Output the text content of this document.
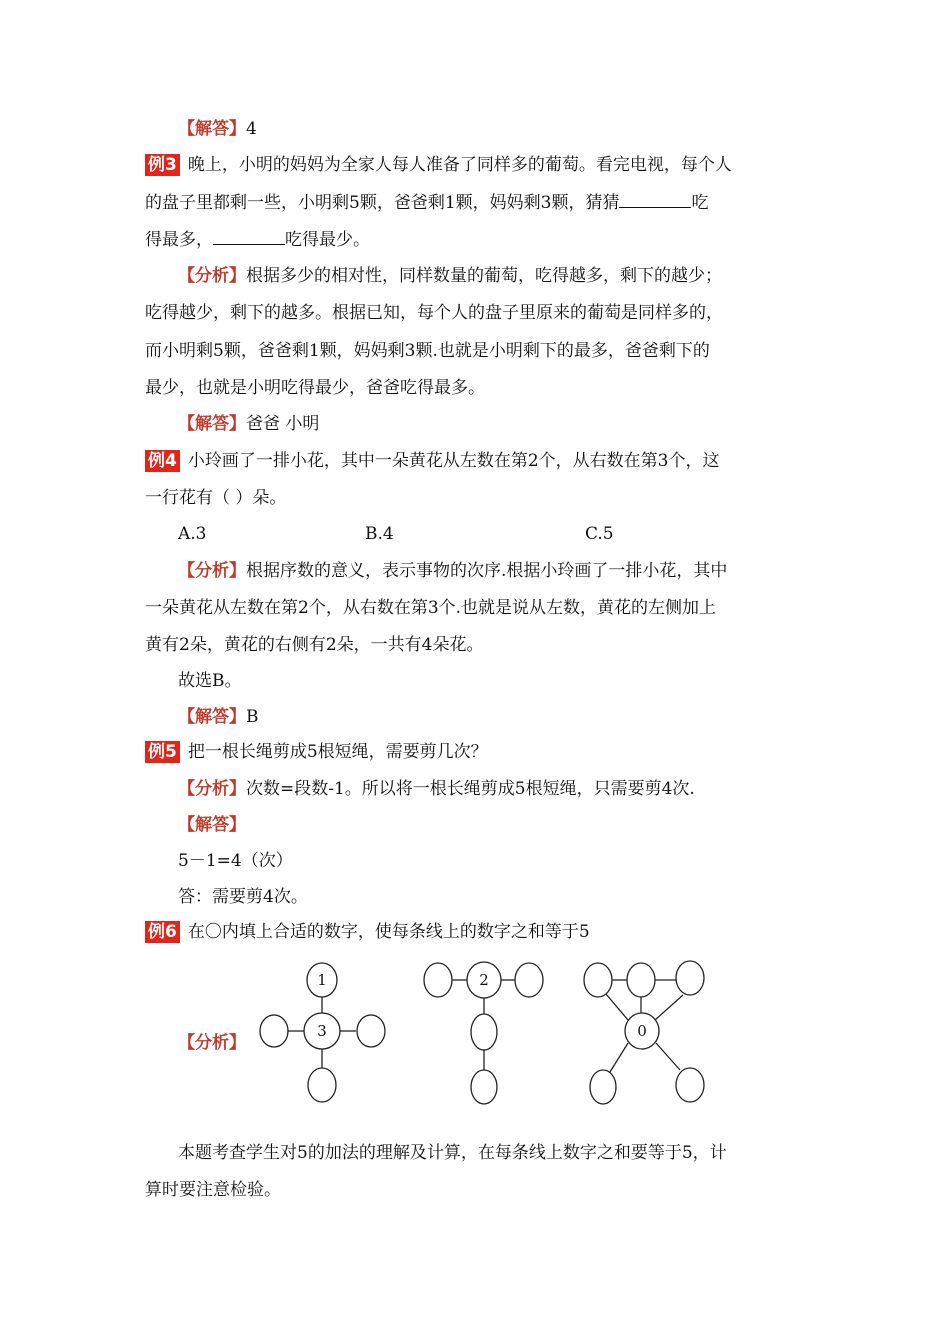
【解答】4
例3 晚上，小明的妈妈为全家人每人准备了同样多的葡萄。看完电视，每个人
的盘子里都剩一些，小明剩5颗，爸爸剩1颗，妈妈剩3颗，猜猜	吃
得最多，	吃得最少。
【分析】根据多少的相对性，同样数量的葡萄，吃得越多，剩下的越少；
吃得越少，剩下的越多。根据已知，每个人的盘子里原来的葡萄是同样多的，
而小明剩5颗，爸爸剩1颗，妈妈剩3颗.也就是小明剩下的最多，爸爸剩下的
最少，也就是小明吃得最少，爸爸吃得最多。
【解答】爸爸 小明
例4 小玲画了一排小花，其中一朵黄花从左数在第2个，从右数在第3个，这
一行花有（ ）朵。
A.3	B.4	C.5
【分析】根据序数的意义，表示事物的次序.根据小玲画了一排小花，其中
一朵黄花从左数在第2个，从右数在第3个.也就是说从左数，黄花的左侧加上
黄有2朵，黄花的右侧有2朵，一共有4朵花。
故选B。
【解答】B
例5 把一根长绳剪成5根短绳，需要剪几次？
【分析】次数=段数-1。所以将一根长绳剪成5根短绳，只需要剪4次.
【解答】
5－1=4（次）
答：需要剪4次。
例6 在〇内填上合适的数字，使每条线上的数字之和等于5
【分析】
1
3
2
0
本题考查学生对5的加法的理解及计算，在每条线上数字之和要等于5，计
算时要注意检验。
